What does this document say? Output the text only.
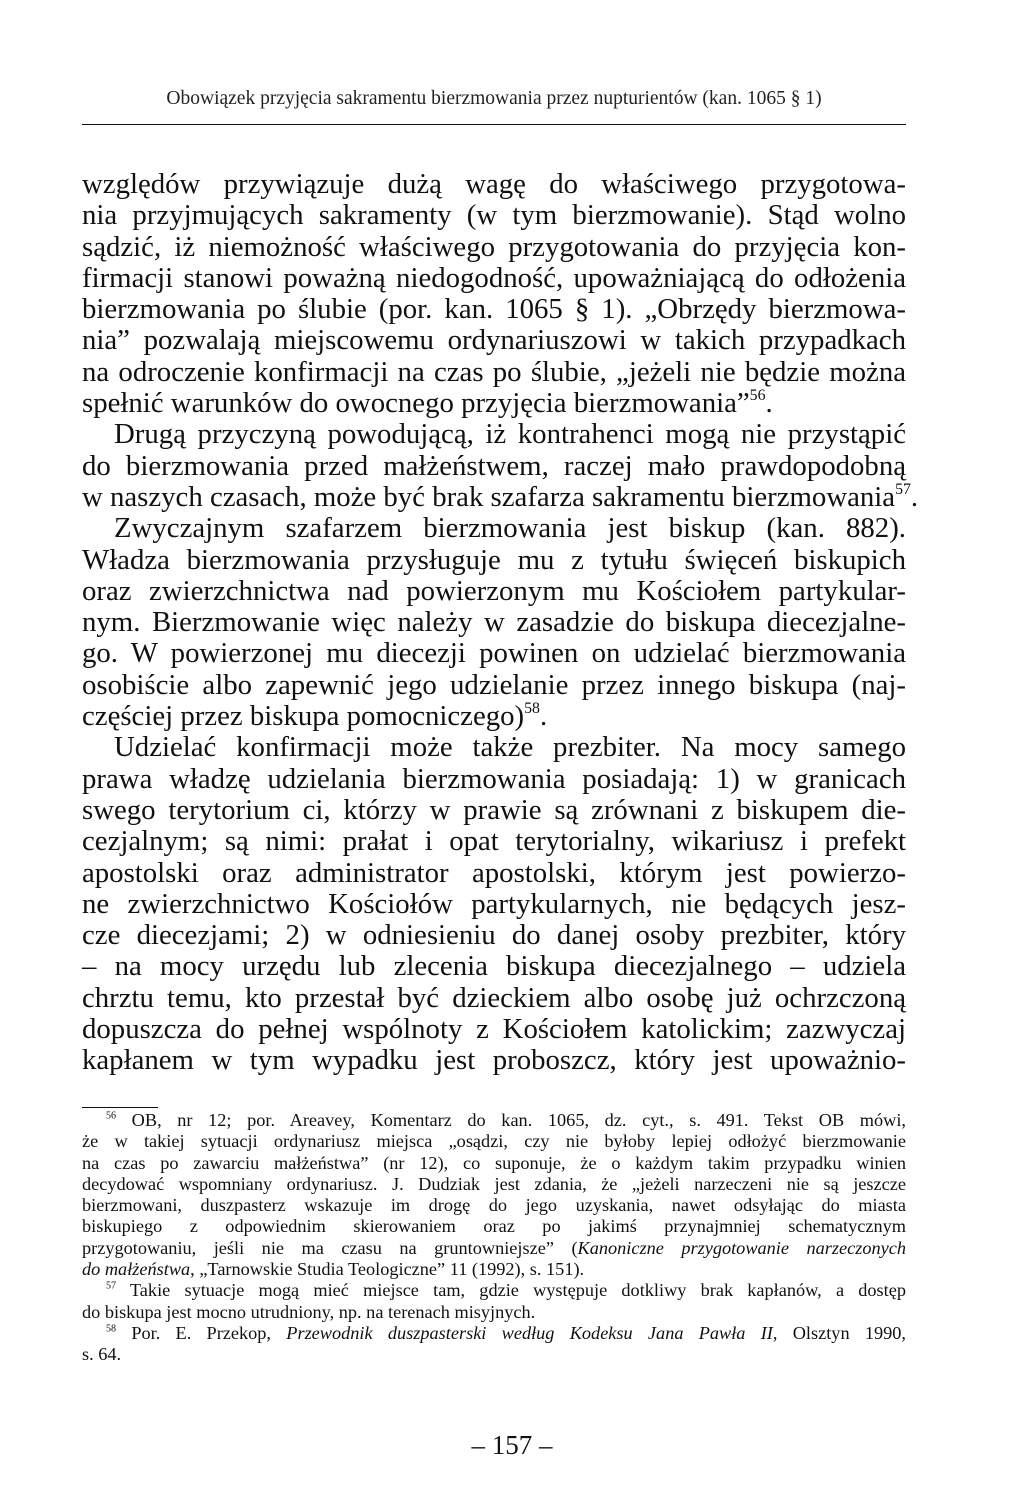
Obowiązek przyjęcia sakramentu bierzmowania przez nupturientów (kan. 1065 § 1)
względów przywiązuje dużą wagę do właściwego przygotowa-
nia przyjmujących sakramenty (w tym bierzmowanie). Stąd wolno
sądzić, iż niemożność właściwego przygotowania do przyjęcia kon-
firmacji stanowi poważną niedogodność, upoważniającą do odłożenia
bierzmowania po ślubie (por. kan. 1065 § 1). „Obrzędy bierzmowa-
nia” pozwalają miejscowemu ordynariuszowi w takich przypadkach
na odroczenie konfirmacji na czas po ślubie, „jeżeli nie będzie można
spełnić warunków do owocnego przyjęcia bierzmowania”$^{56}$.
Drugą przyczyną powodującą, iż kontrahenci mogą nie przystąpić
do bierzmowania przed małżeństwem, raczej mało prawdopodobną
w naszych czasach, może być brak szafarza sakramentu bierzmowania$^{57}$.
Zwyczajnym szafarzem bierzmowania jest biskup (kan. 882).
Władza bierzmowania przysługuje mu z tytułu święceń biskupich
oraz zwierzchnictwa nad powierzonym mu Kościołem partykular-
nym. Bierzmowanie więc należy w zasadzie do biskupa diecezjalne-
go. W powierzonej mu diecezji powinen on udzielać bierzmowania
osobiście albo zapewnić jego udzielanie przez innego biskupa (naj-
częściej przez biskupa pomocniczego)$^{58}$.
Udzielać konfirmacji może także prezbiter. Na mocy samego
prawa władzę udzielania bierzmowania posiadają: 1) w granicach
swego terytorium ci, którzy w prawie są zrównani z biskupem die-
cezjalnym; są nimi: prałat i opat terytorialny, wikariusz i prefekt
apostolski oraz administrator apostolski, którym jest powierzo-
ne zwierzchnictwo Kościołów partykularnych, nie będących jesz-
cze diecezjami; 2) w odniesieniu do danej osoby prezbiter, który
– na mocy urzędu lub zlecenia biskupa diecezjalnego – udziela
chrztu temu, kto przestał być dzieckiem albo osobę już ochrzczoną
dopuszcza do pełnej wspólnoty z Kościołem katolickim; zazwyczaj
kapłanem w tym wypadku jest proboszcz, który jest upoważnio-
$^{56}$ OB, nr 12; por. Areavey, Komentarz do kan. 1065, dz. cyt., s. 491. Tekst OB mówi,
że w takiej sytuacji ordynariusz miejsca „osądzi, czy nie byłoby lepiej odłożyć bierzmowanie
na czas po zawarciu małżeństwa” (nr 12), co suponuje, że o każdym takim przypadku winien
decydować wspomniany ordynariusz. J. Dudziak jest zdania, że „jeżeli narzeczeni nie są jeszcze
bierzmowani, duszpasterz wskazuje im drogę do jego uzyskania, nawet odsyłając do miasta
biskupiego z odpowiednim skierowaniem oraz po jakimś przynajmniej schematycznym
przygotowaniu, jeśli nie ma czasu na gruntowniejsze” (Kanoniczne przygotowanie narzeczonych
do małżeństwa, „Tarnowskie Studia Teologiczne” 11 (1992), s. 151).
$^{57}$ Takie sytuacje mogą mieć miejsce tam, gdzie występuje dotkliwy brak kapłanów, a dostęp
do biskupa jest mocno utrudniony, np. na terenach misyjnych.
$^{58}$ Por. E. Przekop, Przewodnik duszpasterski według Kodeksu Jana Pawła II, Olsztyn 1990,
s. 64.
– 157 –
